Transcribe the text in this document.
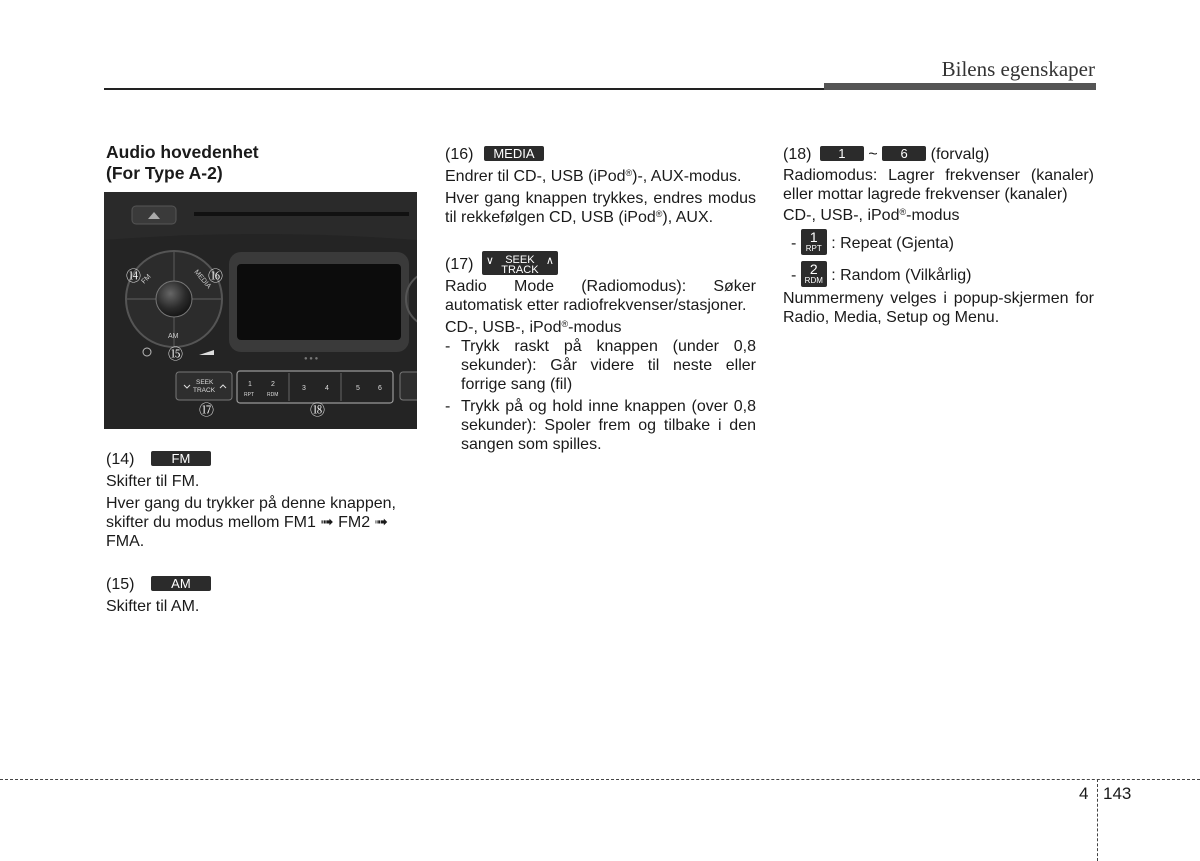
Bilens egenskaper

Audio hovedenhet

(For Type A-2)

FM	MEDIA
AM
● ● ●
SEEK
TRACK
1
RPT
2
RDM
3	4	5	6
⑭	⑯
⑮
⑰	⑱

(14)	FM

Skifter til FM.

Hver gang du trykker på denne knappen, skifter du modus mellom FM1 ➟ FM2 ➟ FMA.

(15)	AM

Skifter til AM.

(16) MEDIA

Endrer til CD-, USB (iPod®)-, AUX-modus.

Hver gang knappen trykkes, endres modus til rekkefølgen CD, USB (iPod®), AUX.

(17) ∨	SEEK
TRACK
∧

Radio Mode (Radiomodus): Søker automatisk etter radiofrekvenser/stasjoner.

CD-, USB-, iPod®-modus

- Trykk raskt på knappen (under 0,8 sekunder): Går videre til neste eller forrige sang (fil)

- Trykk på og hold inne knappen (over 0,8 sekunder): Spoler frem og tilbake i den sangen som spilles.

(18) 1 ~ 6 (forvalg)

Radiomodus: Lagrer frekvenser (kanaler) eller mottar lagrede frekvenser (kanaler)

CD-, USB-, iPod®-modus

- 1
RPT : Repeat (Gjenta)

- 2
RDM : Random (Vilkårlig)

Nummermeny velges i popup-skjermen for Radio, Media, Setup og Menu.

4 143
